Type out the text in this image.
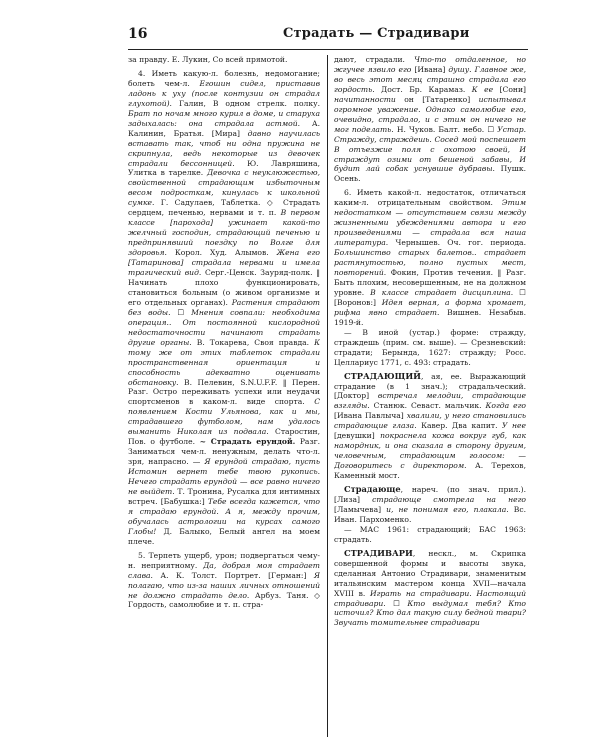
16	Страдать — Страдивари

за правду. Е. Лукин, Со всей прямотой.

4. Иметь какую-л. болезнь, недомогание; болеть чем-л. Егошин сидел, приставив ладонь к уху (после контузии он страдал глухотой). Галин, В одном стрелк. полку. Брат по ночам много курил в доме, и старуха задыхалась: она страдала астмой. А. Калинин, Братья. [Мира] давно научилась вставать так, чтоб ни одна пружина не скрипнула, ведь некоторые из девочек страдали бессонницей. Ю. Лавряшина, Улитка в тарелке. Девочка с неуклюжестью, свойственной страдающим избыточным весом подросткам, кинулась к школьной сумке. Г. Садулаев, Таблетка. ◇ Страдать сердцем, печенью, нервами и т. п. В первом классе [парохода] ужинает какой-то желчный господин, страдающий печенью и предпринявший поездку по Волге для здоровья. Корол. Худ. Алымов. Жена его [Татаринова] страдала нервами и имела трагический вид. Серг.-Ценск. Зауряд-полк. ‖ Начинать плохо функционировать, становиться больным (о живом организме и его отдельных органах). Растения страдают без воды. ☐ Мнения совпали: необходима операция.. От постоянной кислородной недостаточности начинают страдать другие органы. В. Токарева, Своя правда. К тому же от этих таблеток страдали пространственная ориентация и способность адекватно оценивать обстановку. В. Пелевин, S.N.U.F.F. ‖ Перен. Разг. Остро переживать успехи или неудачи спортсменов в каком-л. виде спорта. С появлением Кости Ульянова, как и мы, страдавшего футболом, нам удалось выманить Николая из подвала. Старостин, Пов. о футболе. ~ Страдать ерундой. Разг. Заниматься чем-л. ненужным, делать что-л. зря, напрасно. — Я ерундой страдаю, пусть Истомин вернет тебе твою рукопись. Нечего страдать ерундой — все равно ничего не выйдет. Т. Тронина, Русалка для интимных встреч. [Бабушка:] Тебе всегда кажется, что я страдаю ерундой. А я, между прочим, обучалась астрологии на курсах самого Глобы! Д. Балыко, Белый ангел на моем плече.

5. Терпеть ущерб, урон; подвергаться чему-н. неприятному. Да, добрая моя страдает слава. А. К. Толст. Портрет. [Герман:] Я полагаю, что из-за наших личных отношений не должно страдать дело. Арбуз. Таня. ◇ Гордость, самолюбие и т. п. стра-

дают, страдали. Что-то отдаленное, но жгучее язвило его [Ивана] душу. Главное же, во весь этот месяц страшно страдала его гордость. Дост. Бр. Карамаз. К ее [Сони] начитанности он [Татаренко] испытывал огромное уважение. Однако самолюбие его, очевидно, страдало, и с этим он ничего не мог поделать. Н. Чуков. Балт. небо. ☐ Устар. Стражду, страждешь. Сосед мой поспешает В отъезжие поля с охотою своей, И страждут озими от бешеной забавы, И будит лай собак уснувшие дубравы. Пушк. Осень.

6. Иметь какой-л. недостаток, отличаться каким-л. отрицательным свойством. Этим недостатком — отсутствием связи между жизненными убеждениями автора и его произведениями — страдала вся наша литература. Чернышев. Оч. гог. периода. Большинство старых балетов.. страдает растянутостью, полно пустых мест, повторений. Фокин, Против течения. ‖ Разг. Быть плохим, несовершенным, не на должном уровне. В классе страдает дисциплина. ☐ [Воронов:] Идея верная, а форма хромает, рифма явно страдает. Вишнев. Незабыв. 1919-й.

— В иной (устар.) форме: стражду, страждешь (прим. см. выше). — Срезневский: страдати; Берында, 1627: стражду; Росс. Целлариус 1771, с. 493: страдать.

СТРАДАЮЩИЙ, ая, ее. Выражающий страдание (в 1 знач.); страдальческий. [Доктор] встречал мелодии, страдающие взгляды. Станюк. Севаст. мальчик. Когда его [Ивана Павлыча] хвалили, у него становились страдающие глаза. Кавер. Два капит. У нее [девушки] покраснела кожа вокруг губ, как намордник, и она сказала в сторону другим, человечным, страдающим голосом: — Договоритесь с директором. А. Терехов, Каменный мост.

Страдающе, нареч. (по знач. прил.). [Лиза] страдающе смотрела на него [Ламычева] и, не понимая его, плакала. Вс. Иван. Пархоменко.

— МАС 1961: страдающий; БАС 1963: страдать.

СТРАДИВАРИ, нескл., м. Скрипка совершенной формы и высоты звука, сделанная Антонио Страдивари, знаменитым итальянским мастером конца XVII—начала XVIII в. Играть на страдивари. Настоящий страдивари. ☐ Кто выдумал тебя? Кто источил? Кто дал такую силу бедной твари? Звучать томительнее страдивари
